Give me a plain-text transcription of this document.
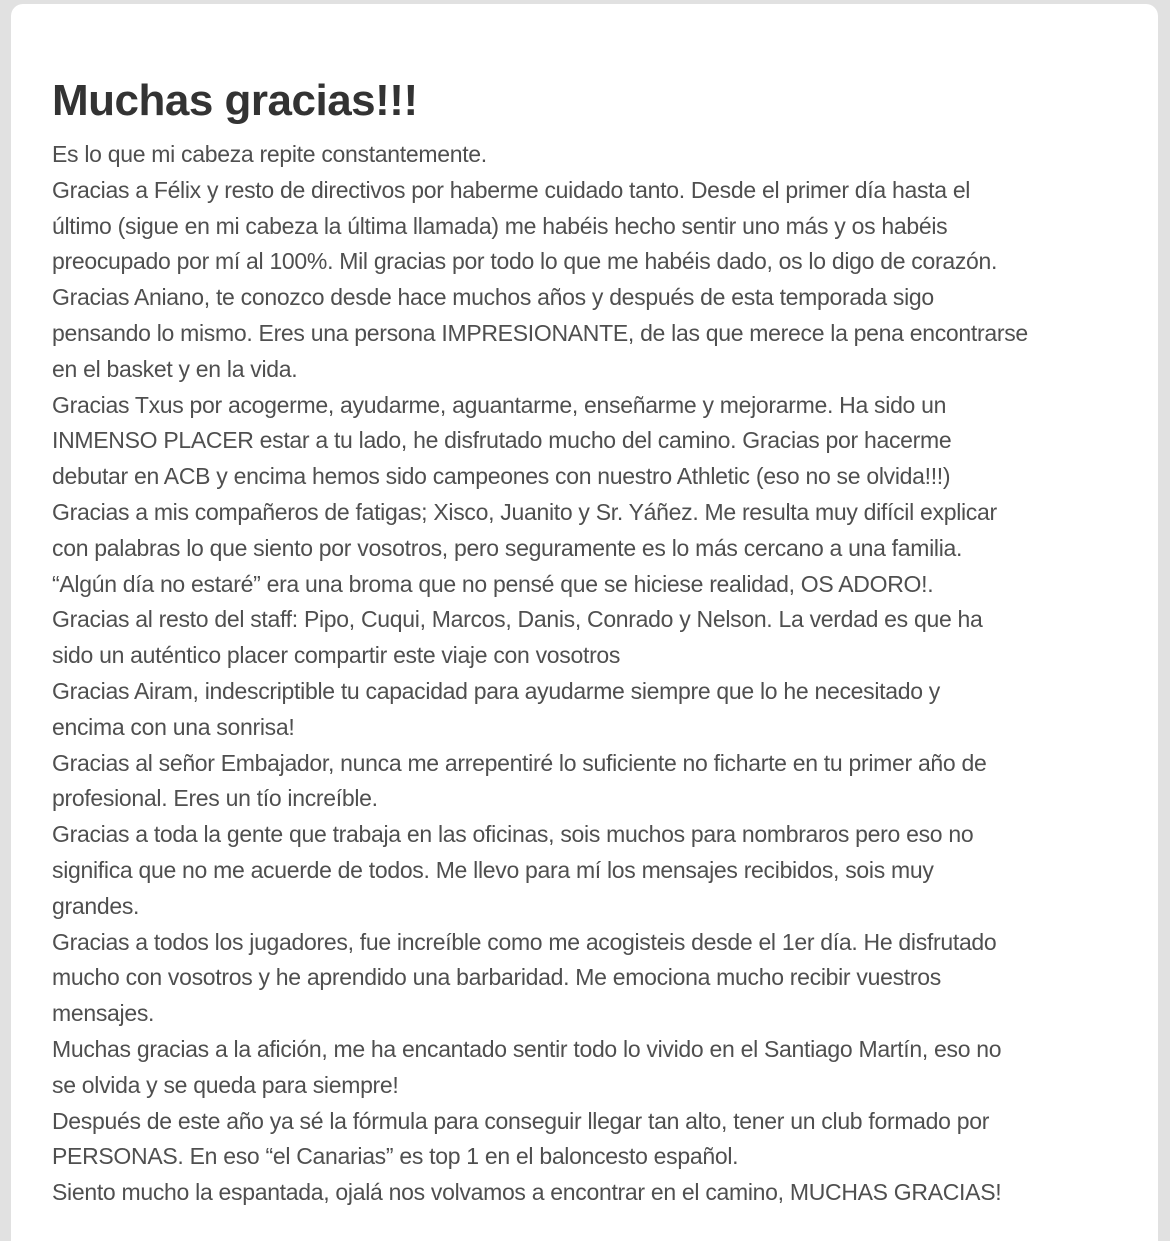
Muchas gracias!!!

Es lo que mi cabeza repite constantemente.

Gracias a Félix y resto de directivos por haberme cuidado tanto. Desde el primer día hasta el
último (sigue en mi cabeza la última llamada) me habéis hecho sentir uno más y os habéis
preocupado por mí al 100%. Mil gracias por todo lo que me habéis dado, os lo digo de corazón.

Gracias Aniano, te conozco desde hace muchos años y después de esta temporada sigo
pensando lo mismo. Eres una persona IMPRESIONANTE, de las que merece la pena encontrarse
en el basket y en la vida.

Gracias Txus por acogerme, ayudarme, aguantarme, enseñarme y mejorarme. Ha sido un
INMENSO PLACER estar a tu lado, he disfrutado mucho del camino. Gracias por hacerme
debutar en ACB y encima hemos sido campeones con nuestro Athletic (eso no se olvida!!!)

Gracias a mis compañeros de fatigas; Xisco, Juanito y Sr. Yáñez. Me resulta muy difícil explicar
con palabras lo que siento por vosotros, pero seguramente es lo más cercano a una familia.
“Algún día no estaré” era una broma que no pensé que se hiciese realidad, OS ADORO!.

Gracias al resto del staff: Pipo, Cuqui, Marcos, Danis, Conrado y Nelson. La verdad es que ha
sido un auténtico placer compartir este viaje con vosotros

Gracias Airam, indescriptible tu capacidad para ayudarme siempre que lo he necesitado y
encima con una sonrisa!

Gracias al señor Embajador, nunca me arrepentiré lo suficiente no ficharte en tu primer año de
profesional. Eres un tío increíble.

Gracias a toda la gente que trabaja en las oficinas, sois muchos para nombraros pero eso no
significa que no me acuerde de todos. Me llevo para mí los mensajes recibidos, sois muy
grandes.

Gracias a todos los jugadores, fue increíble como me acogisteis desde el 1er día. He disfrutado
mucho con vosotros y he aprendido una barbaridad. Me emociona mucho recibir vuestros
mensajes.

Muchas gracias a la afición, me ha encantado sentir todo lo vivido en el Santiago Martín, eso no
se olvida y se queda para siempre!

Después de este año ya sé la fórmula para conseguir llegar tan alto, tener un club formado por
PERSONAS. En eso “el Canarias” es top 1 en el baloncesto español.

Siento mucho la espantada, ojalá nos volvamos a encontrar en el camino, MUCHAS GRACIAS!
